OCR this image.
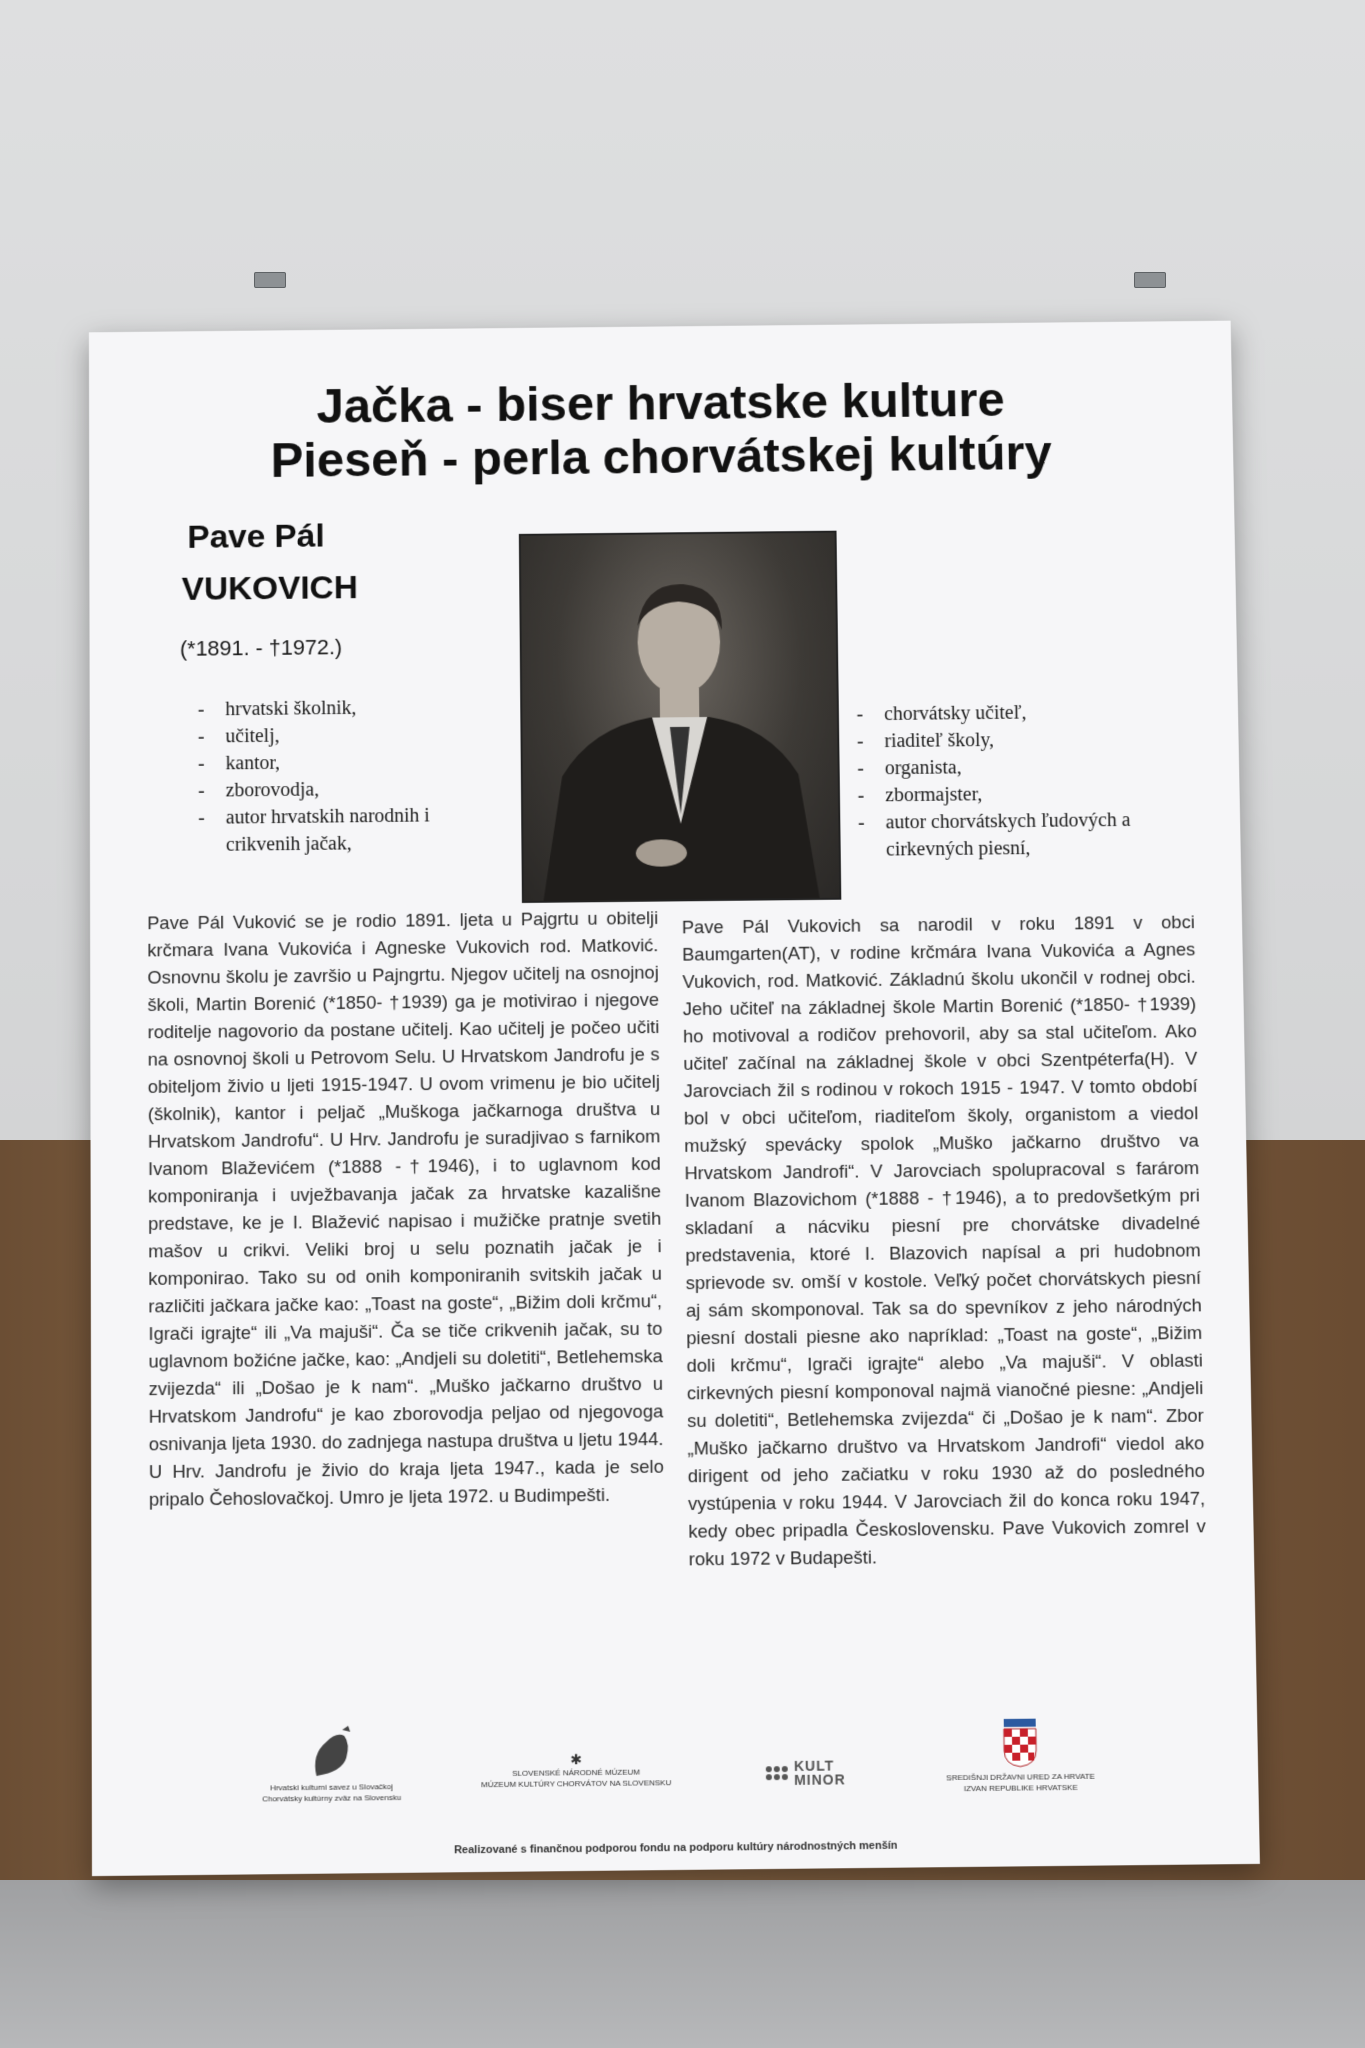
Jačka - biser hrvatske kulture
Pieseň - perla chorvátskej kultúry
Pave Pál
VUKOVICH
(*1891. - †1972.)
- hrvatski školnik,
- učitelj,
- kantor,
- zborovodja,
- autor hrvatskih narodnih i crikvenih jačak,
- chorvátsky učiteľ,
- riaditeľ školy,
- organista,
- zbormajster,
- autor chorvátskych ľudových a cirkevných piesní,

Pave Pál Vuković se je rodio 1891. ljeta u Pajgrtu u obitelji krčmara Ivana Vukovića i Agneske Vukovich rod. Matković. Osnovnu školu je završio u Pajngrtu. Njegov učitelj na osnojnoj školi, Martin Borenić (*1850- †1939) ga je motivirao i njegove roditelje nagovorio da postane učitelj. Kao učitelj je počeo učiti na osnovnoj školi u Petrovom Selu. U Hrvatskom Jandrofu je s obiteljom živio u ljeti 1915-1947. U ovom vrimenu je bio učitelj (školnik), kantor i peljač „Muškoga jačkarnoga društva u Hrvatskom Jandrofu“. U Hrv. Jandrofu je suradjivao s farnikom Ivanom Blaževićem (*1888 -†1946), i to uglavnom kod komponiranja i uvježbavanja jačak za hrvatske kazališne predstave, ke je I. Blažević napisao i mužičke pratnje svetih mašov u crikvi. Veliki broj u selu poznatih jačak je i komponirao. Tako su od onih komponiranih svitskih jačak u različiti jačkara jačke kao: „Toast na goste“, „Bižim doli krčmu“, Igrači igrajte“ ili „Va majuši“. Ča se tiče crikvenih jačak, su to uglavnom božićne jačke, kao: „Andjeli su doletiti“, Betlehemska zvijezda“ ili „Došao je k nam“. „Muško jačkarno društvo u Hrvatskom Jandrofu“ je kao zborovodja peljao od njegovoga osnivanja ljeta 1930. do zadnjega nastupa društva u ljetu 1944. U Hrv. Jandrofu je živio do kraja ljeta 1947., kada je selo pripalo Čehoslovačkoj. Umro je ljeta 1972. u Budimpešti.

Pave Pál Vukovich sa narodil v roku 1891 v obci Baumgarten(AT), v rodine krčmára Ivana Vukovića a Agnes Vukovich, rod. Matković. Základnú školu ukončil v rodnej obci. Jeho učiteľ na základnej škole Martin Borenić (*1850- †1939) ho motivoval a rodičov prehovoril, aby sa stal učiteľom. Ako učiteľ začínal na základnej škole v obci Szentpéterfa(H). V Jarovciach žil s rodinou v rokoch 1915 - 1947. V tomto období bol v obci učiteľom, riaditeľom školy, organistom a viedol mužský spevácky spolok „Muško jačkarno društvo va Hrvatskom Jandrofi“. V Jarovciach spolupracoval s farárom Ivanom Blazovichom (*1888 - †1946), a to predovšetkým pri skladaní a nácviku piesní pre chorvátske divadelné predstavenia, ktoré I. Blazovich napísal a pri hudobnom sprievode sv. omší v kostole. Veľký počet chorvátskych piesní aj sám skomponoval. Tak sa do spevníkov z jeho národných piesní dostali piesne ako napríklad: „Toast na goste“, „Bižim doli krčmu“, Igrači igrajte“ alebo „Va majuši“. V oblasti cirkevných piesní komponoval najmä vianočné piesne: „Andjeli su doletiti“, Betlehemska zvijezda“ či „Došao je k nam“. Zbor „Muško jačkarno društvo va Hrvatskom Jandrofi“ viedol ako dirigent od jeho začiatku v roku 1930 až do posledného vystúpenia v roku 1944. V Jarovciach žil do konca roku 1947, kedy obec pripadla Československu. Pave Vukovich zomrel v roku 1972 v Budapešti.

Hrvatski kulturni savez u Slovačkoj
Chorvátsky kultúrny zväz na Slovensku
✱
SLOVENSKÉ NÁRODNÉ MÚZEUM
MÚZEUM KULTÚRY CHORVÁTOV NA SLOVENSKU
KULT
MINOR	SREDIŠNJI DRŽAVNI URED ZA HRVATE
IZVAN REPUBLIKE HRVATSKE
Realizované s finančnou podporou fondu na podporu kultúry národnostných menšín
